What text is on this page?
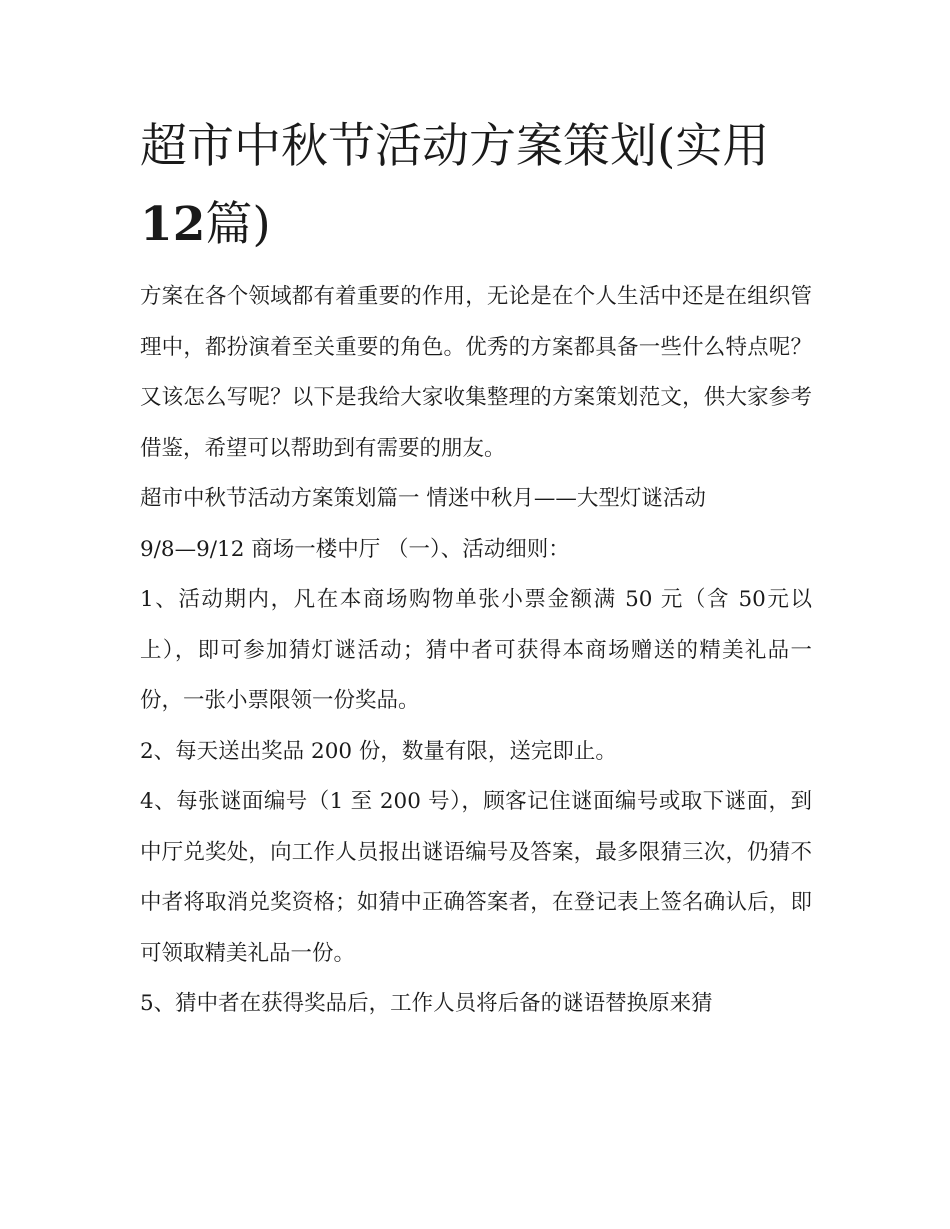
超市中秋节活动方案策划(实用12篇)

方案在各个领域都有着重要的作用，无论是在个人生活中还是在组织管理中，都扮演着至关重要的角色。优秀的方案都具备一些什么特点呢？又该怎么写呢？以下是我给大家收集整理的方案策划范文，供大家参考借鉴，希望可以帮助到有需要的朋友。

超市中秋节活动方案策划篇一 情迷中秋月——大型灯谜活动

9/8—9/12 商场一楼中厅 （一）、活动细则：

1、活动期内，凡在本商场购物单张小票金额满 50 元（含 50元以上），即可参加猜灯谜活动；猜中者可获得本商场赠送的精美礼品一份，一张小票限领一份奖品。

2、每天送出奖品 200 份，数量有限，送完即止。

4、每张谜面编号（1 至 200 号），顾客记住谜面编号或取下谜面，到中厅兑奖处，向工作人员报出谜语编号及答案，最多限猜三次，仍猜不中者将取消兑奖资格；如猜中正确答案者，在登记表上签名确认后，即可领取精美礼品一份。

5、猜中者在获得奖品后，工作人员将后备的谜语替换原来猜
